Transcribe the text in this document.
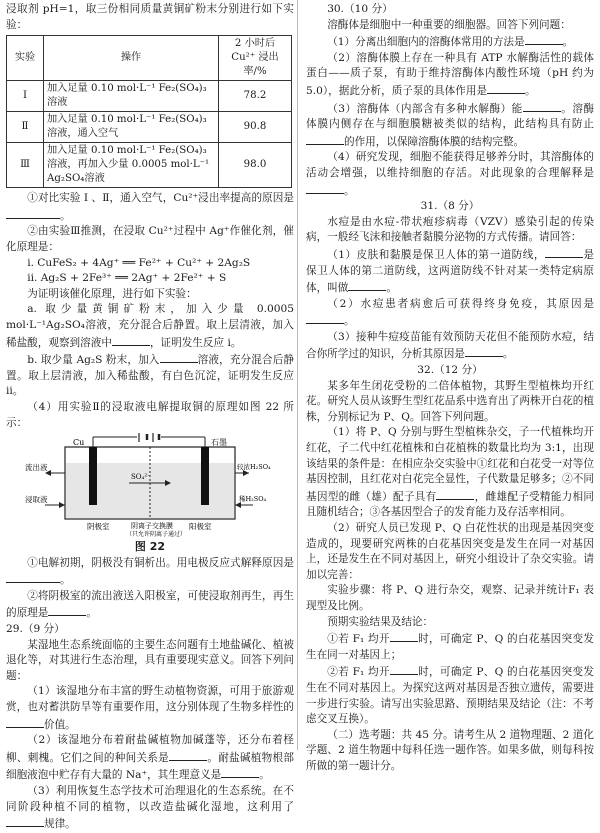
浸取剂 pH=1，取三份相同质量黄铜矿粉末分别进行如下实验：

实验	操作	2 小时后 Cu²⁺ 浸出率/%
Ⅰ	加入足量 0.10 mol·L⁻¹ Fe₂(SO₄)₃溶液	78.2
Ⅱ	加入足量 0.10 mol·L⁻¹ Fe₂(SO₄)₃溶液，通入空气	90.8
Ⅲ	加入足量 0.10 mol·L⁻¹ Fe₂(SO₄)₃溶液，再加入少量 0.0005 mol·L⁻¹ Ag₂SO₄溶液	98.0

①对比实验 Ⅰ 、Ⅱ，通入空气，Cu²⁺浸出率提高的原因是。

②由实验Ⅲ推测，在浸取 Cu²⁺过程中 Ag⁺作催化剂，催化原理是：

ⅰ. CuFeS₂ + 4Ag⁺ ══ Fe²⁺ + Cu²⁺ + 2Ag₂S

ⅱ. Ag₂S + 2Fe³⁺ ══ 2Ag⁺ + 2Fe²⁺ + S

为证明该催化原理，进行如下实验：

a. 取少量黄铜矿粉末，加入少量 0.0005 mol·L⁻¹Ag₂SO₄溶液，充分混合后静置。取上层清液，加入稀盐酸，观察到溶液中	，证明发生反应 ⅰ。

b. 取少量 Ag₂S 粉末，加入	溶液，充分混合后静置。取上层清液，加入稀盐酸，有白色沉淀，证明发生反应 ⅱ。

（4）用实验Ⅱ的浸取液电解提取铜的原理如图 22 所示：

Cu	石墨
流出液
浸取液
SO₄²⁻
较浓H₂SO₄
稀H₂SO₄
阴极室	阴离子交换膜
（只允许阴离子通过）
阳极室

图 22

①电解初期，阴极没有铜析出。用电极反应式解释原因是。

②将阴极室的流出液送入阳极室，可使浸取剂再生，再生的原理是	。

29.（9 分）

某湿地生态系统面临的主要生态问题有土地盐碱化、植被退化等，对其进行生态治理，具有重要现实意义。回答下列问题：

（1）该湿地分布丰富的野生动植物资源，可用于旅游观赏，也对蓄洪防旱等有重要作用，这分别体现了生物多样性的价值。

（2）该湿地分布着耐盐碱植物加碱蓬等，还分布着柽柳、刺槐。它们之间的种间关系是	。耐盐碱植物根部细胞液泡中贮存有大量的 Na⁺，其生理意义是	。

（3）利用恢复生态学技术可治理退化的生态系统。在不同阶段种植不同的植物，以改造盐碱化湿地，这利用了规律。

30.（10 分）

溶酶体是细胞中一种重要的细胞器。回答下列问题：

（1）分离出细胞内的溶酶体常用的方法是	。

（2）溶酶体膜上存在一种具有 ATP 水解酶活性的载体蛋白——质子泵，有助于维持溶酶体内酸性环境（pH 约为 5.0），据此分析，质子泵的具体作用是	。

（3）溶酶体（内部含有多种水解酶）能	。溶酶体膜内侧存在与细胞膜糖被类似的结构，此结构具有防止的作用，以保障溶酶体膜的结构完整。

（4）研究发现，细胞不能获得足够养分时，其溶酶体的活动会增强，以维持细胞的存活。对此现象的合理解释是。

31.（8 分）

水痘是由水痘-带状疱疹病毒（VZV）感染引起的传染病，一般经飞沫和接触者黏膜分泌物的方式传播。请回答：

（1）皮肤和黏膜是保卫人体的第一道防线，	是保卫人体的第二道防线，这两道防线不针对某一类特定病原体，叫做	。

（2）水痘患者病愈后可获得终身免疫，其原因是。

（3）接种牛痘疫苗能有效预防天花但不能预防水痘，结合你所学过的知识，分析其原因是	。

32.（12 分）

某多年生闭花受粉的二倍体植物，其野生型植株均开红花。研究人员从该野生型红花品系中选育出了两株开白花的植株，分别标记为 P、Q。回答下列问题。

（1）将 P、Q 分别与野生型植株杂交，子一代植株均开红花，子二代中红花植株和白花植株的数量比均为 3:1，出现该结果的条件是：在相应杂交实验中①红花和白花受一对等位基因控制，且红花对白花完全显性，子代数量足够多；②不同基因型的雌（雄）配子具有	，雌雄配子受精能力相同且随机结合；③各基因型合子的发育能力及存活率相同。

（2）研究人员已发现 P、Q 白花性状的出现是基因突变造成的，现要研究两株的白花基因突变是发生在同一对基因上，还是发生在不同对基因上，研究小组设计了杂交实验。请加以完善：

实验步骤：将 P、Q 进行杂交，观察、记录并统计F₁ 表现型及比例。

预期实验结果及结论：

①若 F₁ 均开	时，可确定 P、Q 的白花基因突变发生在同一对基因上；

②若 F₁ 均开	时，可确定 P、Q 的白花基因突变发生在不同对基因上。为探究这两对基因是否独立遗传，需要进一步进行实验。请写出实验思路、预期结果及结论（注：不考虑交叉互换）。

（二）选考题：共 45 分。请考生从 2 道物理题、2 道化学题、2 道生物题中每科任选一题作答。如果多做，则每科按所做的第一题计分。
